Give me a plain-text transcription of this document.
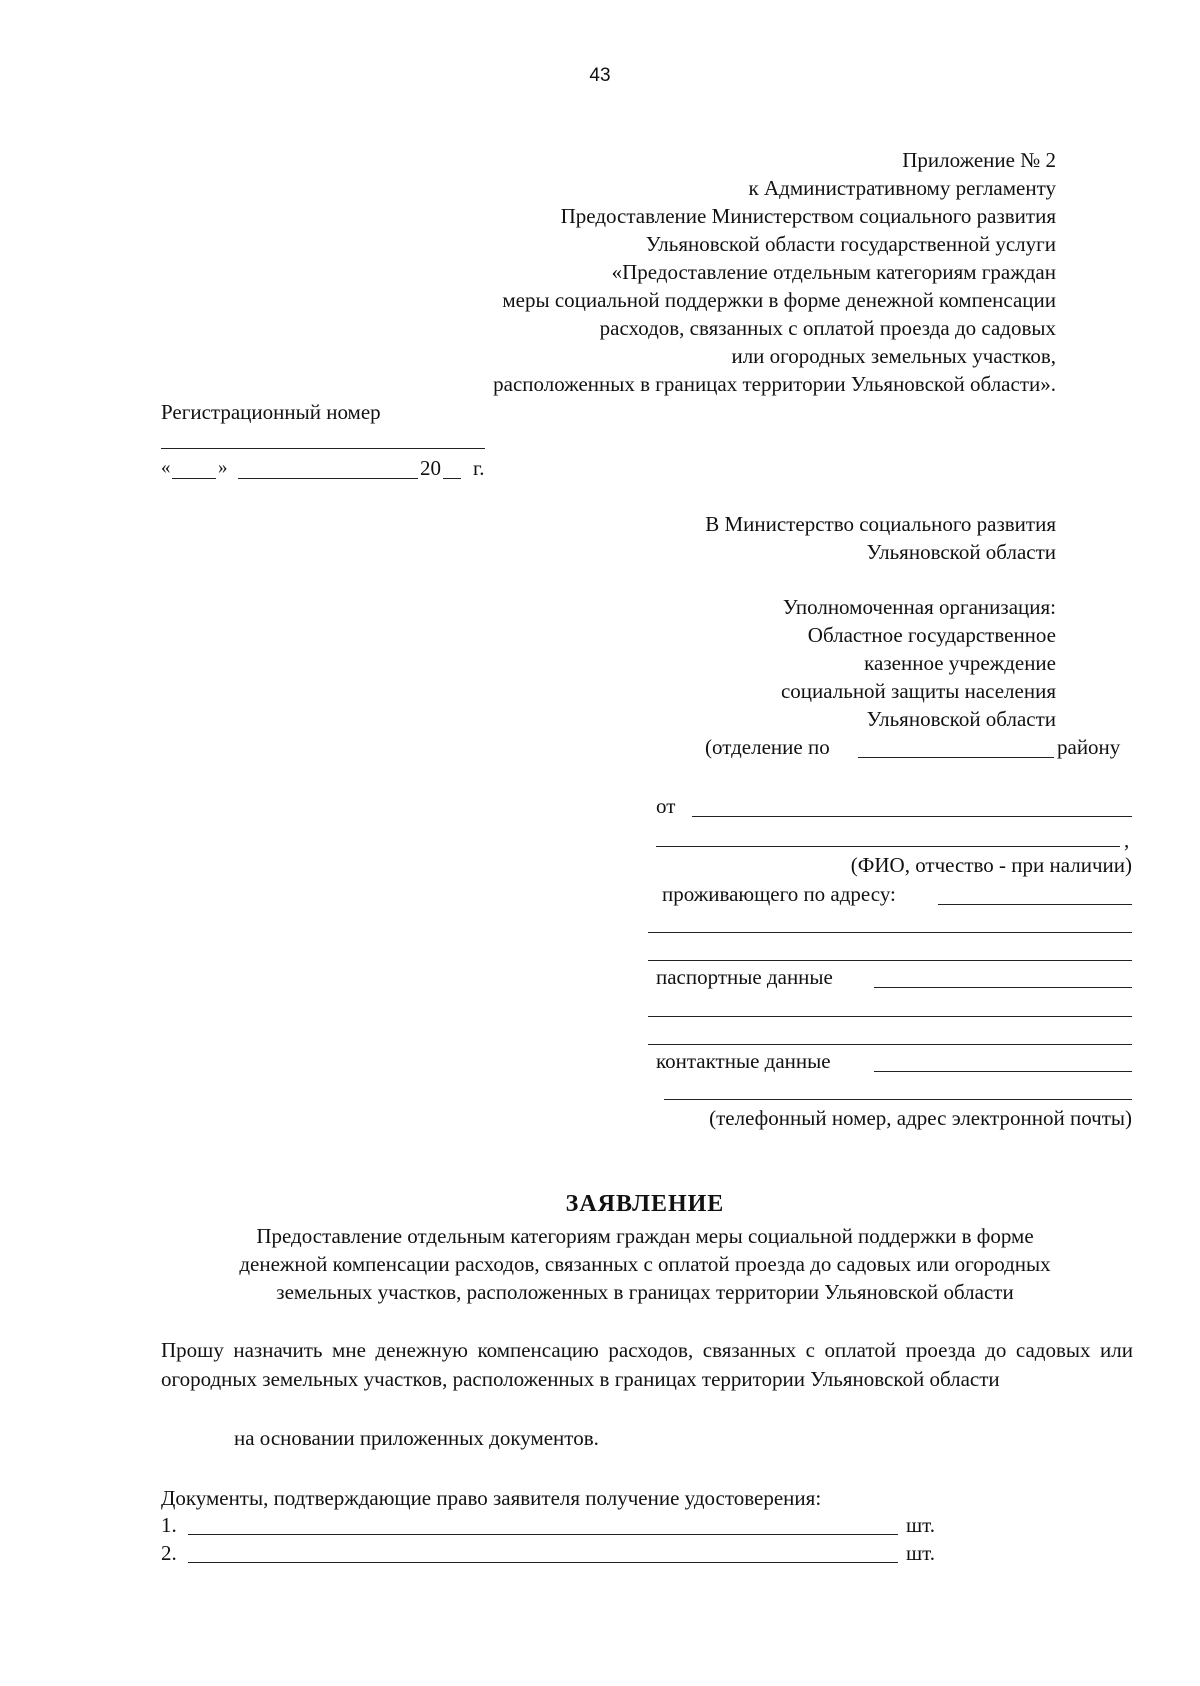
43
Приложение № 2
к Административному регламенту
Предоставление Министерством социального развития
Ульяновской области государственной услуги
«Предоставление отдельным категориям граждан
меры социальной поддержки в форме денежной компенсации
расходов, связанных с оплатой проезда до садовых
или огородных земельных участков,
расположенных в границах территории Ульяновской области».
Регистрационный номер
«	»	20 г.
В Министерство социального развития
Ульяновской области
Уполномоченная организация:
Областное государственное
казенное учреждение
социальной защиты населения
Ульяновской области
(отделение по	району
от
,
(ФИО, отчество - при наличии)
проживающего по адресу:
паспортные данные
контактные данные
(телефонный номер, адрес электронной почты)
ЗАЯВЛЕНИЕ
Предоставление отдельным категориям граждан меры социальной поддержки в форме
денежной компенсации расходов, связанных с оплатой проезда до садовых или огородных
земельных участков, расположенных в границах территории Ульяновской области
Прошу назначить мне денежную компенсацию расходов, связанных с оплатой проезда до садовых или огородных земельных участков, расположенных в границах территории Ульяновской области
на основании приложенных документов.
Документы, подтверждающие право заявителя получение удостоверения:
1.	шт.
2.	шт.
